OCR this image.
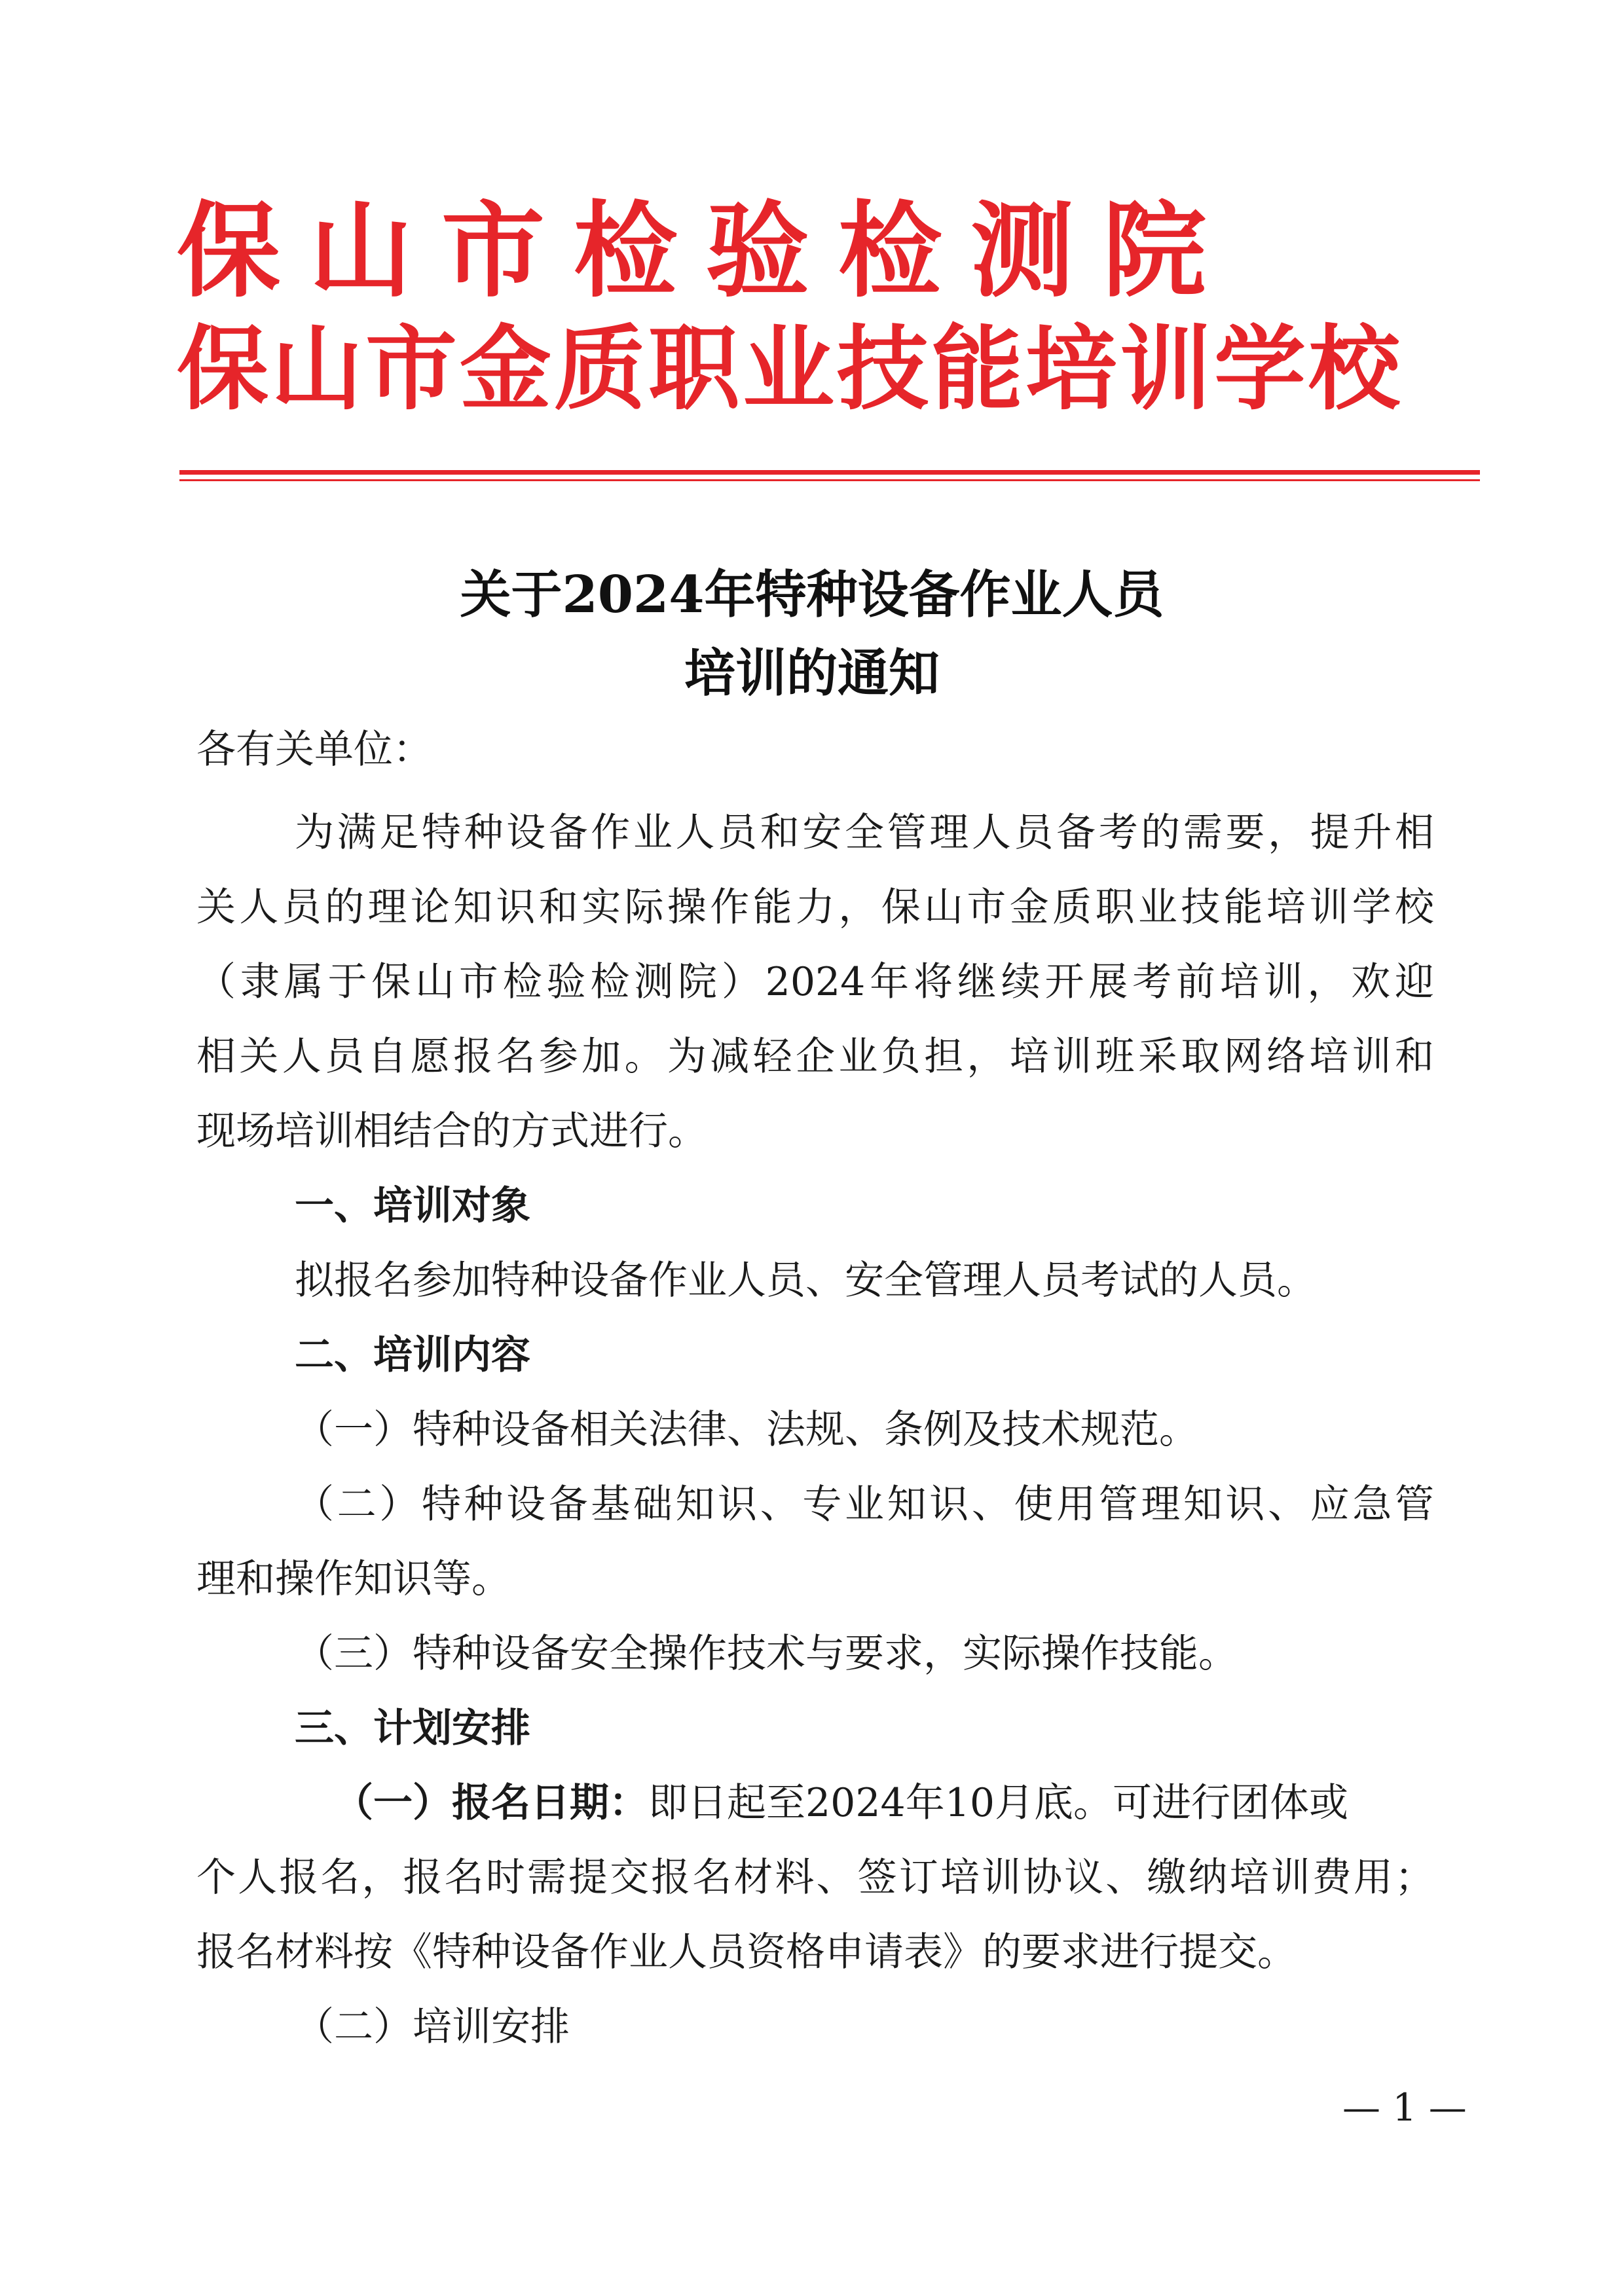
保山市检验检测院
保山市金质职业技能培训学校
关于2024年特种设备作业人员
培训的通知
各有关单位：
为满足特种设备作业人员和安全管理人员备考的需要，提升相
关人员的理论知识和实际操作能力，保山市金质职业技能培训学校
（隶属于保山市检验检测院）2024年将继续开展考前培训，欢迎
相关人员自愿报名参加。为减轻企业负担，培训班采取网络培训和
现场培训相结合的方式进行。
一、培训对象
拟报名参加特种设备作业人员、安全管理人员考试的人员。
二、培训内容
（一）特种设备相关法律、法规、条例及技术规范。
（二）特种设备基础知识、专业知识、使用管理知识、应急管
理和操作知识等。
（三）特种设备安全操作技术与要求，实际操作技能。
三、计划安排
（一）报名日期：即日起至2024年10月底。可进行团体或
个人报名，报名时需提交报名材料、签订培训协议、缴纳培训费用；
报名材料按《特种设备作业人员资格申请表》的要求进行提交。
（二）培训安排
— 1 —
